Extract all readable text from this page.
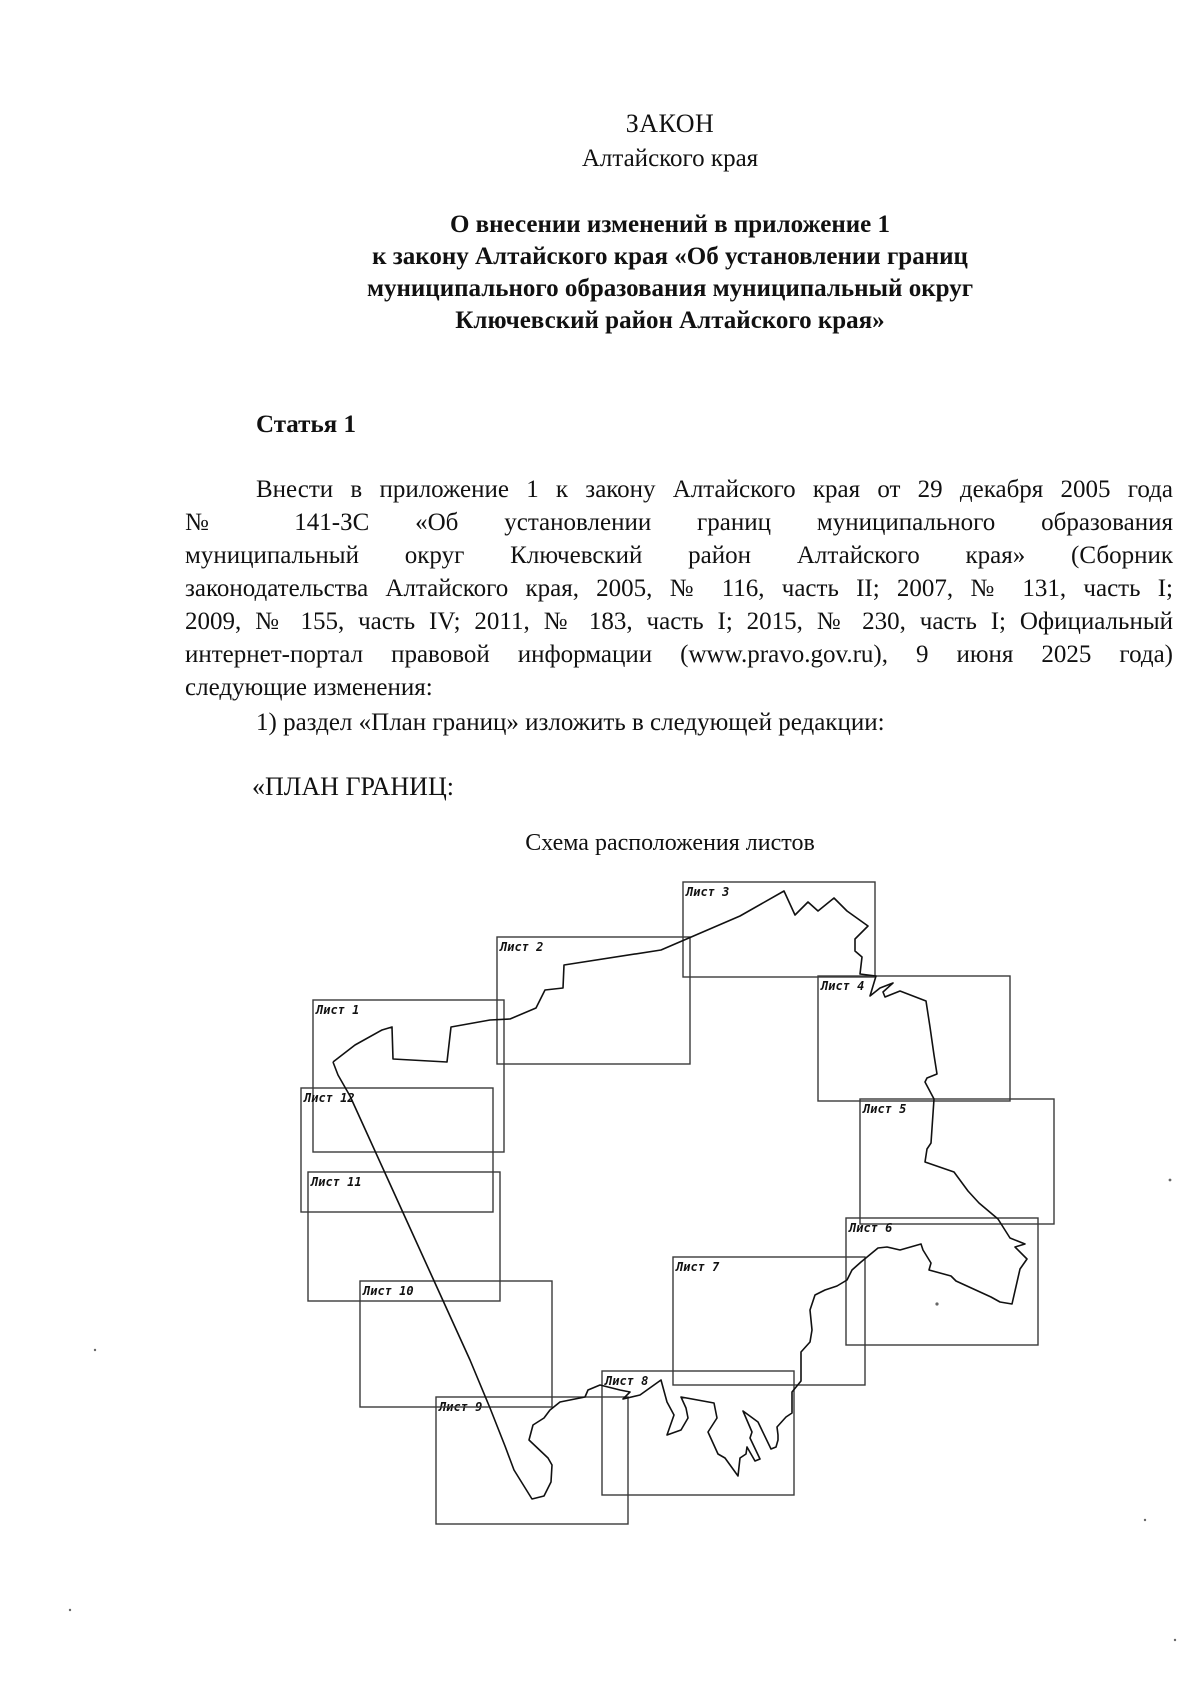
ЗАКОН
Алтайского края
О внесении изменений в приложение 1
к закону Алтайского края «Об установлении границ
муниципального образования муниципальный округ
Ключевский район Алтайского края»
Статья 1
Внести в приложение 1 к закону Алтайского края от 29 декабря 2005 года
№ 141-ЗС «Об установлении границ муниципального образования
муниципальный округ Ключевский район Алтайского края» (Сборник
законодательства Алтайского края, 2005, № 116, часть II; 2007, № 131, часть I;
2009, № 155, часть IV; 2011, № 183, часть I; 2015, № 230, часть I; Официальный
интернет-портал правовой информации (www.pravo.gov.ru), 9 июня 2025 года)
следующие изменения:
1) раздел «План границ» изложить в следующей редакции:
«ПЛАН ГРАНИЦ:
Схема расположения листов
Лист 1
Лист 2
Лист 3
Лист 4
Лист 5
Лист 6
Лист 7
Лист 8
Лист 9
Лист 10
Лист 11
Лист 12
